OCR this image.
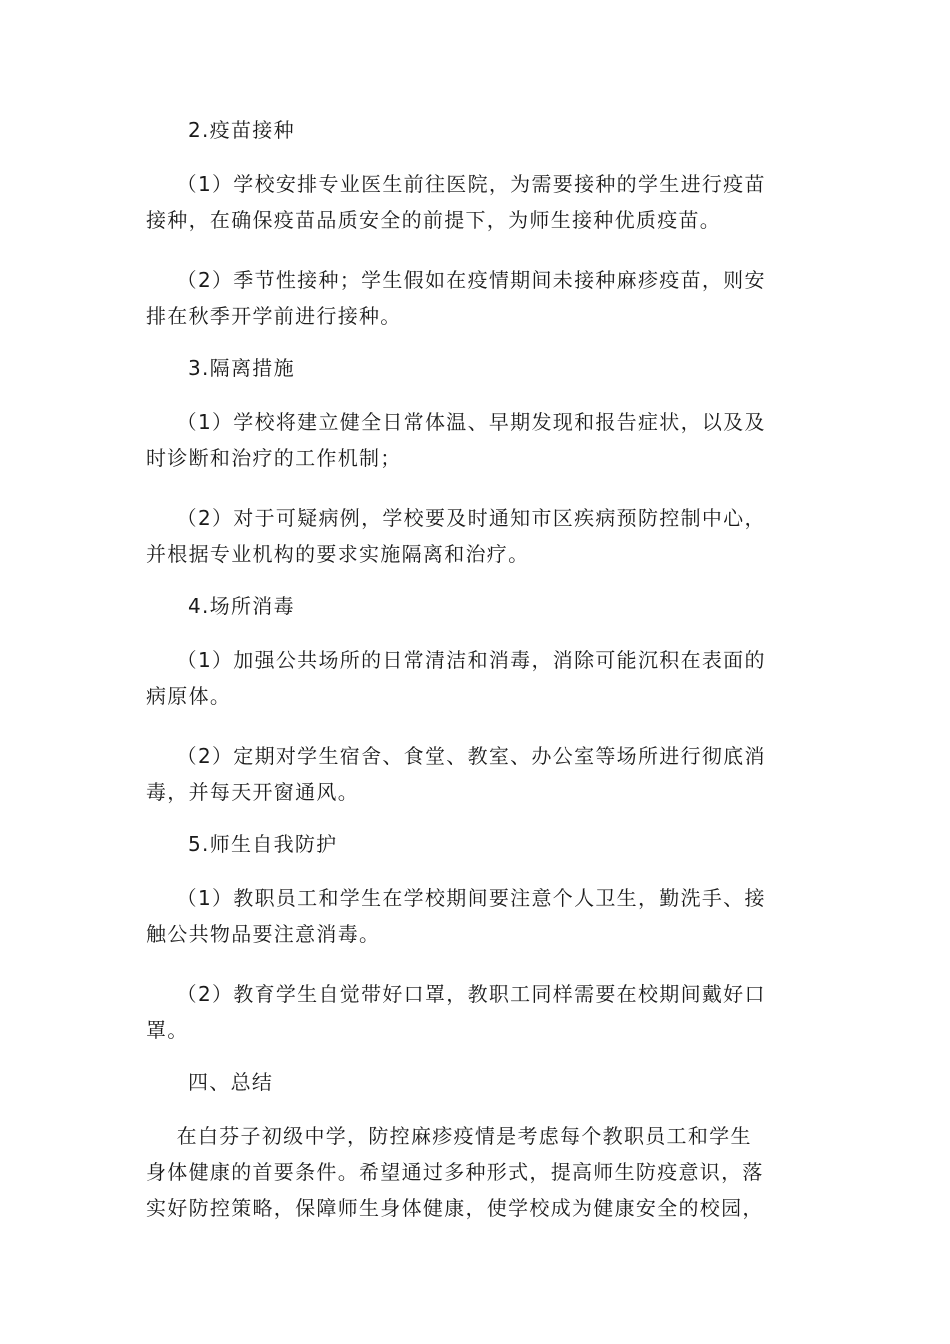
2.疫苗接种

（1）学校安排专业医生前往医院，为需要接种的学生进行疫苗
接种，在确保疫苗品质安全的前提下，为师生接种优质疫苗。

（2）季节性接种；学生假如在疫情期间未接种麻疹疫苗，则安
排在秋季开学前进行接种。

3.隔离措施

（1）学校将建立健全日常体温、早期发现和报告症状，以及及
时诊断和治疗的工作机制；

（2）对于可疑病例，学校要及时通知市区疾病预防控制中心，
并根据专业机构的要求实施隔离和治疗。

4.场所消毒

（1）加强公共场所的日常清洁和消毒，消除可能沉积在表面的
病原体。

（2）定期对学生宿舍、食堂、教室、办公室等场所进行彻底消
毒，并每天开窗通风。

5.师生自我防护

（1）教职员工和学生在学校期间要注意个人卫生，勤洗手、接
触公共物品要注意消毒。

（2）教育学生自觉带好口罩，教职工同样需要在校期间戴好口
罩。

四、总结

在白芬子初级中学，防控麻疹疫情是考虑每个教职员工和学生
身体健康的首要条件。希望通过多种形式，提高师生防疫意识，落
实好防控策略，保障师生身体健康，使学校成为健康安全的校园，
